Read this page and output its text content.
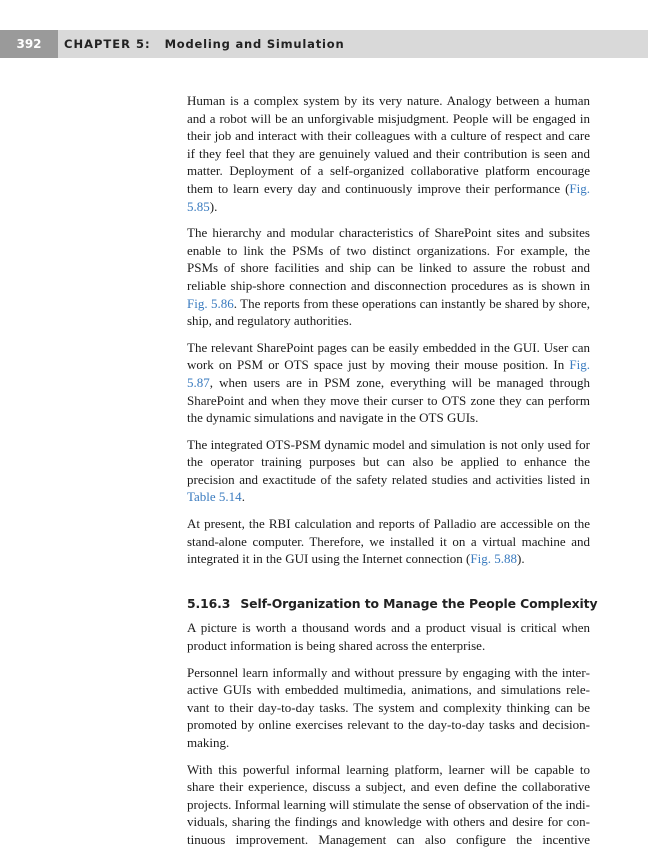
392	CHAPTER 5: Modeling and Simulation

Human is a complex system by its very nature. Analogy between a human and a robot will be an unforgivable misjudgment. People will be engaged in their job and interact with their colleagues with a culture of respect and care if they feel that they are genuinely valued and their contribution is seen and matter. Deployment of a self-organized collaborative platform encourage them to learn every day and continuously improve their performance (Fig. 5.85).

The hierarchy and modular characteristics of SharePoint sites and subsites enable to link the PSMs of two distinct organizations. For example, the PSMs of shore facilities and ship can be linked to assure the robust and reliable ship-shore connection and disconnection procedures as is shown in Fig. 5.86. The reports from these operations can instantly be shared by shore, ship, and regulatory authorities.

The relevant SharePoint pages can be easily embedded in the GUI. User can work on PSM or OTS space just by moving their mouse position. In Fig. 5.87, when users are in PSM zone, everything will be managed through SharePoint and when they move their curser to OTS zone they can perform the dynamic simulations and navigate in the OTS GUIs.

The integrated OTS-PSM dynamic model and simulation is not only used for the operator training purposes but can also be applied to enhance the precision and exactitude of the safety related studies and activities listed in Table 5.14.

At present, the RBI calculation and reports of Palladio are accessible on the stand-alone computer. Therefore, we installed it on a virtual machine and integrated it in the GUI using the Internet connection (Fig. 5.88).

5.16.3 Self-Organization to Manage the People Complexity

A picture is worth a thousand words and a product visual is critical when product information is being shared across the enterprise.

Personnel learn informally and without pressure by engaging with the interactive GUIs with embedded multimedia, animations, and simulations relevant to their day-to-day tasks. The system and complexity thinking can be promoted by online exercises relevant to the day-to-day tasks and decision-making.

With this powerful informal learning platform, learner will be capable to share their experience, discuss a subject, and even define the collaborative projects. Informal learning will stimulate the sense of observation of the individuals, sharing the findings and knowledge with others and desire for continuous improvement. Management can also configure the incentive
